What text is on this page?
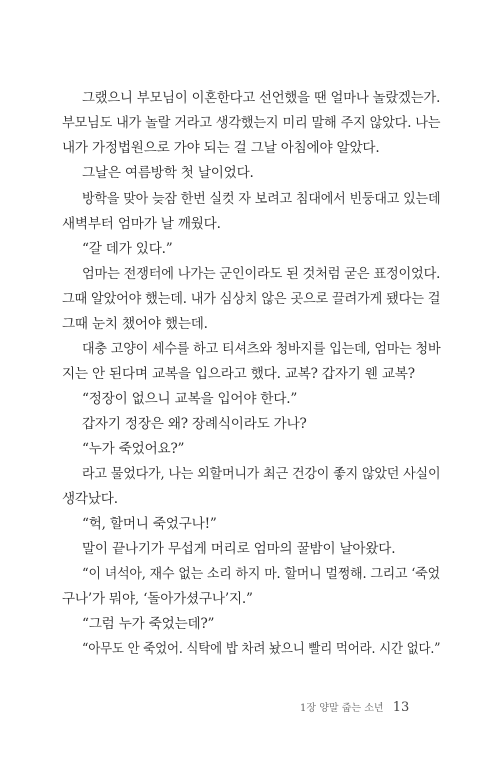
그랬으니 부모님이 이혼한다고 선언했을 땐 얼마나 놀랐겠는가.
부모님도 내가 놀랄 거라고 생각했는지 미리 말해 주지 않았다. 나는
내가 가정법원으로 가야 되는 걸 그날 아침에야 알았다.
그날은 여름방학 첫 날이었다.
방학을 맞아 늦잠 한번 실컷 자 보려고 침대에서 빈둥대고 있는데
새벽부터 엄마가 날 깨웠다.
“갈 데가 있다.”
엄마는 전쟁터에 나가는 군인이라도 된 것처럼 굳은 표정이었다.
그때 알았어야 했는데. 내가 심상치 않은 곳으로 끌려가게 됐다는 걸
그때 눈치 챘어야 했는데.
대충 고양이 세수를 하고 티셔츠와 청바지를 입는데, 엄마는 청바
지는 안 된다며 교복을 입으라고 했다. 교복? 갑자기 웬 교복?
“정장이 없으니 교복을 입어야 한다.”
갑자기 정장은 왜? 장례식이라도 가나?
“누가 죽었어요?”
라고 물었다가, 나는 외할머니가 최근 건강이 좋지 않았던 사실이
생각났다.
“헉, 할머니 죽었구나!”
말이 끝나기가 무섭게 머리로 엄마의 꿀밤이 날아왔다.
“이 녀석아, 재수 없는 소리 하지 마. 할머니 멀쩡해. 그리고 ‘죽었
구나’가 뭐야, ‘돌아가셨구나’지.”
“그럼 누가 죽었는데?”
“아무도 안 죽었어. 식탁에 밥 차려 놨으니 빨리 먹어라. 시간 없다.”
1장 양말 줍는 소년 13
